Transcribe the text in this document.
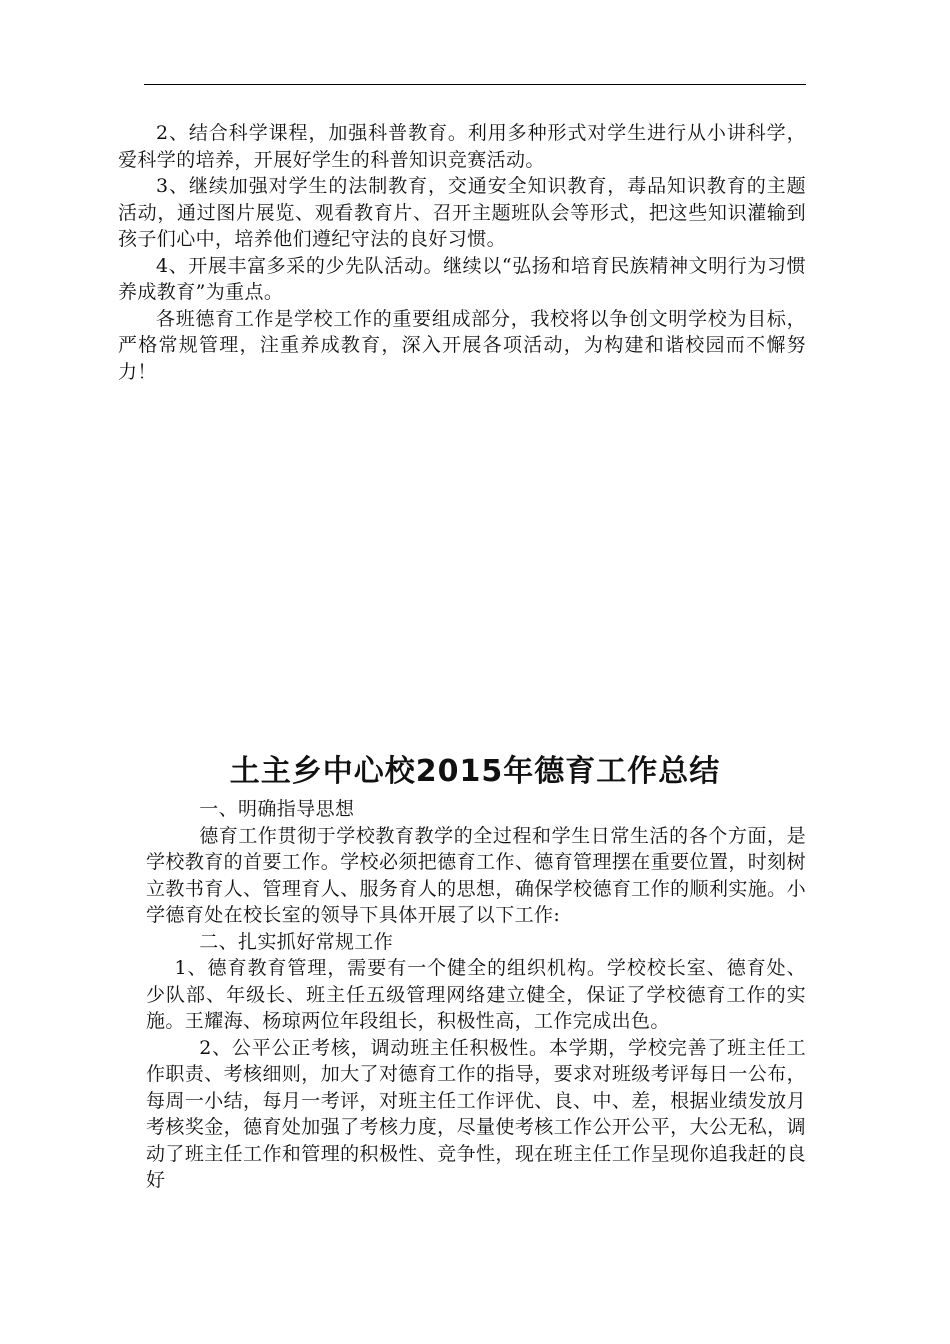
2、结合科学课程，加强科普教育。利用多种形式对学生进行从小讲科学，爱科学的培养，开展好学生的科普知识竞赛活动。

3、继续加强对学生的法制教育，交通安全知识教育，毒品知识教育的主题活动，通过图片展览、观看教育片、召开主题班队会等形式，把这些知识灌输到孩子们心中，培养他们遵纪守法的良好习惯。

4、开展丰富多采的少先队活动。继续以“弘扬和培育民族精神文明行为习惯养成教育”为重点。

各班德育工作是学校工作的重要组成部分，我校将以争创文明学校为目标，严格常规管理，注重养成教育，深入开展各项活动，为构建和谐校园而不懈努力！

土主乡中心校2015年德育工作总结

一、明确指导思想

德育工作贯彻于学校教育教学的全过程和学生日常生活的各个方面，是学校教育的首要工作。学校必须把德育工作、德育管理摆在重要位置，时刻树立教书育人、管理育人、服务育人的思想，确保学校德育工作的顺利实施。小学德育处在校长室的领导下具体开展了以下工作:

二、扎实抓好常规工作

1、德育教育管理，需要有一个健全的组织机构。学校校长室、德育处、少队部、年级长、班主任五级管理网络建立健全，保证了学校德育工作的实施。王耀海、杨琼两位年段组长，积极性高，工作完成出色。

2、公平公正考核，调动班主任积极性。本学期，学校完善了班主任工作职责、考核细则，加大了对德育工作的指导，要求对班级考评每日一公布，每周一小结，每月一考评，对班主任工作评优、良、中、差，根据业绩发放月考核奖金，德育处加强了考核力度，尽量使考核工作公开公平，大公无私，调动了班主任工作和管理的积极性、竞争性，现在班主任工作呈现你追我赶的良好
